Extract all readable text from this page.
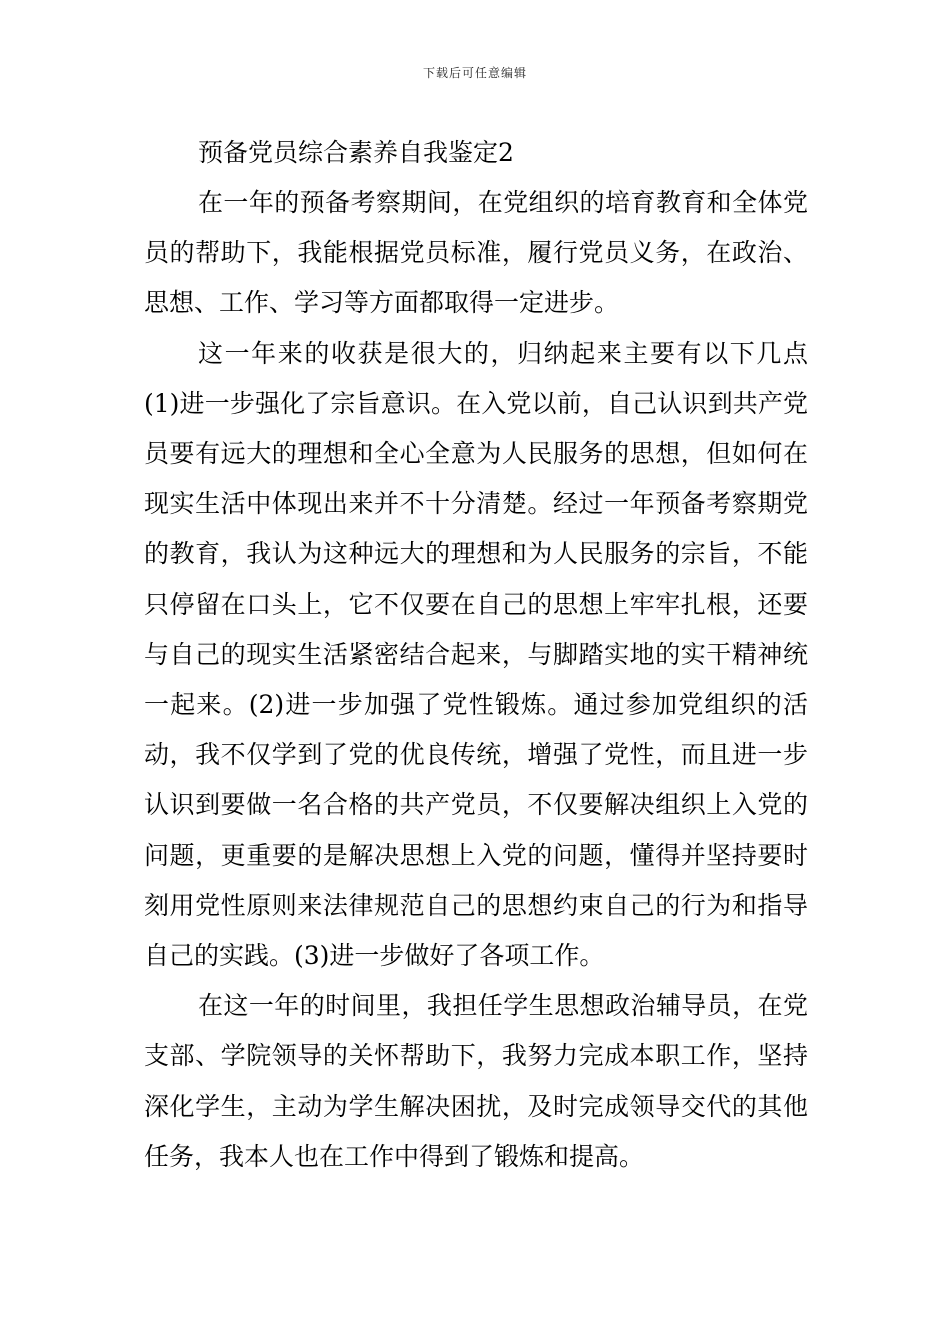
下载后可任意编辑
预备党员综合素养自我鉴定2

在一年的预备考察期间，在党组织的培育教育和全体党员的帮助下，我能根据党员标准，履行党员义务，在政治、思想、工作、学习等方面都取得一定进步。

这一年来的收获是很大的，归纳起来主要有以下几点(1)进一步强化了宗旨意识。在入党以前，自己认识到共产党员要有远大的理想和全心全意为人民服务的思想，但如何在现实生活中体现出来并不十分清楚。经过一年预备考察期党的教育，我认为这种远大的理想和为人民服务的宗旨，不能只停留在口头上，它不仅要在自己的思想上牢牢扎根，还要与自己的现实生活紧密结合起来，与脚踏实地的实干精神统一起来。(2)进一步加强了党性锻炼。通过参加党组织的活动，我不仅学到了党的优良传统，增强了党性，而且进一步认识到要做一名合格的共产党员，不仅要解决组织上入党的问题，更重要的是解决思想上入党的问题，懂得并坚持要时刻用党性原则来法律规范自己的思想约束自己的行为和指导自己的实践。(3)进一步做好了各项工作。

在这一年的时间里，我担任学生思想政治辅导员，在党支部、学院领导的关怀帮助下，我努力完成本职工作，坚持深化学生，主动为学生解决困扰，及时完成领导交代的其他任务，我本人也在工作中得到了锻炼和提高。
